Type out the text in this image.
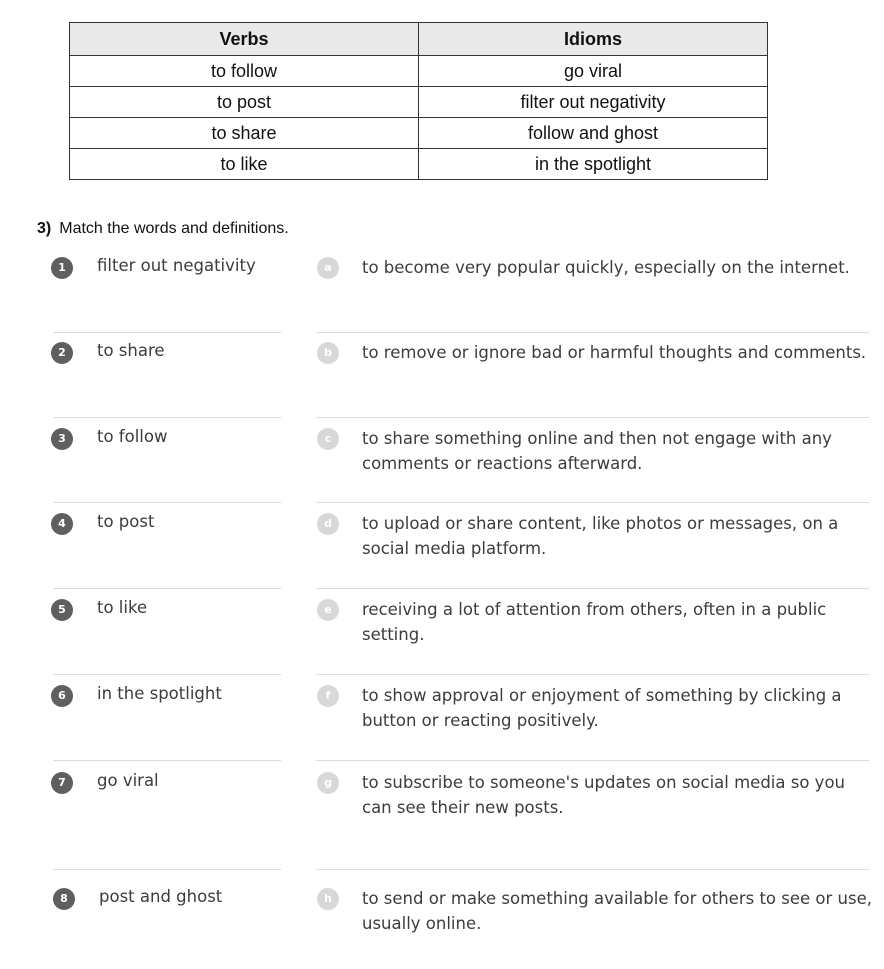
Verbs	Idioms
to follow	go viral
to post	filter out negativity
to share	follow and ghost
to like	in the spotlight
3) Match the words and definitions.
1	filter out negativity	a	to become very popular quickly, especially on the internet.
2	to share	b	to remove or ignore bad or harmful thoughts and comments.
3	to follow	c	to share something online and then not engage with any comments or reactions afterward.
4	to post	d	to upload or share content, like photos or messages, on a social media platform.
5	to like	e	receiving a lot of attention from others, often in a public setting.
6	in the spotlight	f	to show approval or enjoyment of something by clicking a button or reacting positively.
7	go viral	g	to subscribe to someone's updates on social media so you can see their new posts.
8	post and ghost	h	to send or make something available for others to see or use, usually online.
